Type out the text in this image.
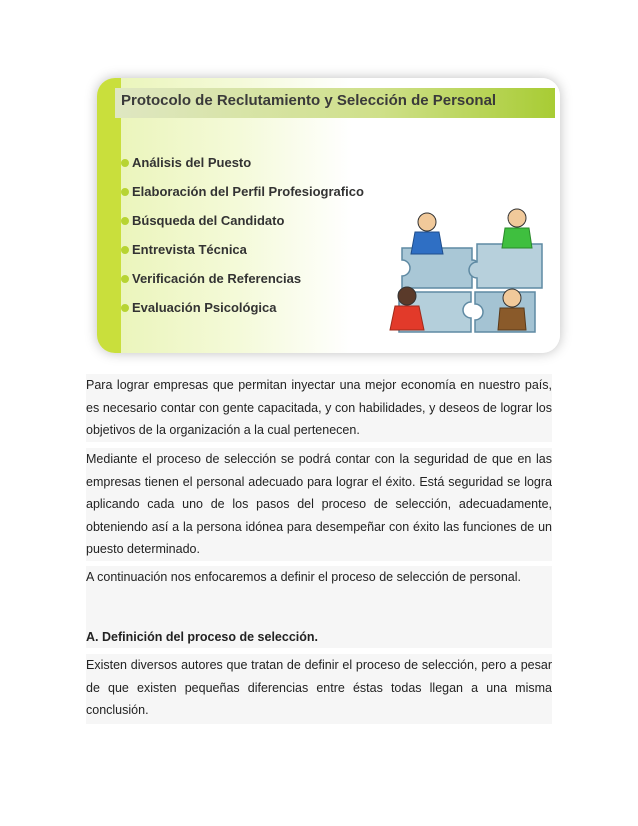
Protocolo de Reclutamiento y Selección de Personal
Análisis del Puesto
Elaboración del Perfil Profesiografico
Búsqueda del Candidato
Entrevista Técnica
Verificación de Referencias
Evaluación Psicológica

Para lograr empresas que permitan inyectar una mejor economía en nuestro país, es necesario contar con gente capacitada, y con habilidades, y deseos de lograr los objetivos de la organización a la cual pertenecen.

Mediante el proceso de selección se podrá contar con la seguridad de que en las empresas tienen el personal adecuado para lograr el éxito. Está seguridad se logra aplicando cada uno de los pasos del proceso de selección, adecuadamente, obteniendo así a la persona idónea para desempeñar con éxito las funciones de un puesto determinado.

A continuación nos enfocaremos a definir el proceso de selección de personal.

A. Definición del proceso de selección.

Existen diversos autores que tratan de definir el proceso de selección, pero a pesar de que existen pequeñas diferencias entre éstas todas llegan a una misma conclusión.
